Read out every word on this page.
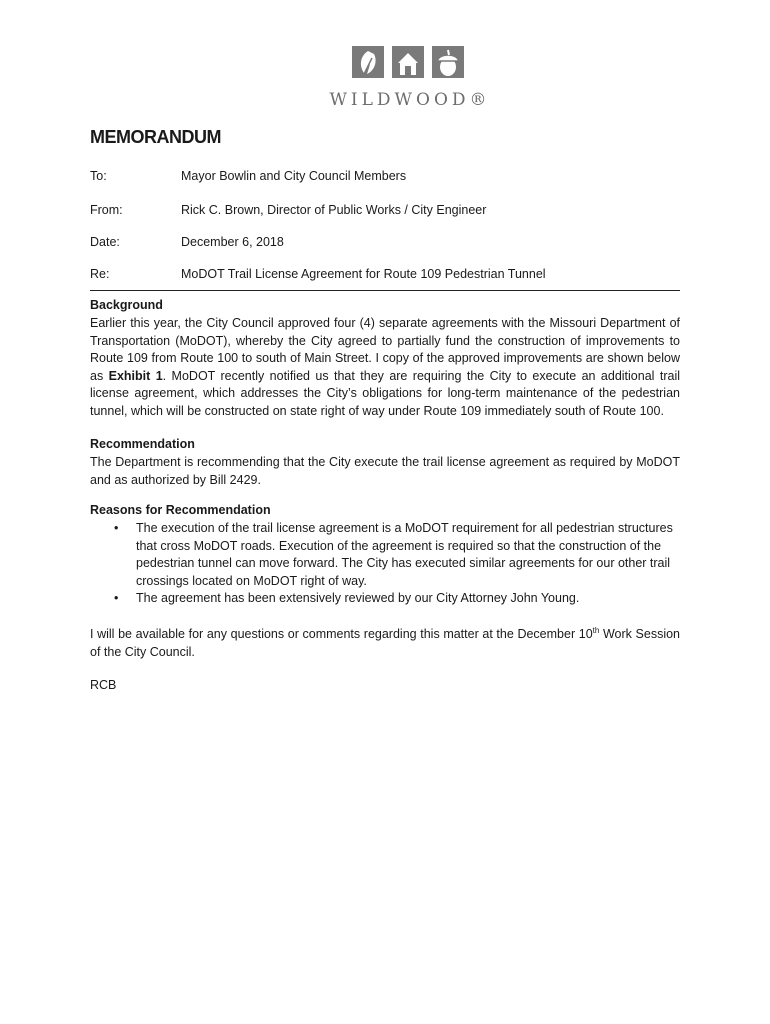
WILDWOOD®
MEMORANDUM
To:	Mayor Bowlin and City Council Members
From:	Rick C. Brown, Director of Public Works / City Engineer
Date:	December 6, 2018
Re:	MoDOT Trail License Agreement for Route 109 Pedestrian Tunnel
Background
Earlier this year, the City Council approved four (4) separate agreements with the Missouri Department of Transportation (MoDOT), whereby the City agreed to partially fund the construction of improvements to Route 109 from Route 100 to south of Main Street. I copy of the approved improvements are shown below as Exhibit 1. MoDOT recently notified us that they are requiring the City to execute an additional trail license agreement, which addresses the City’s obligations for long-term maintenance of the pedestrian tunnel, which will be constructed on state right of way under Route 109 immediately south of Route 100.
Recommendation
The Department is recommending that the City execute the trail license agreement as required by MoDOT and as authorized by Bill 2429.
Reasons for Recommendation
• The execution of the trail license agreement is a MoDOT requirement for all pedestrian structures that cross MoDOT roads. Execution of the agreement is required so that the construction of the pedestrian tunnel can move forward. The City has executed similar agreements for our other trail crossings located on MoDOT right of way.
• The agreement has been extensively reviewed by our City Attorney John Young.
I will be available for any questions or comments regarding this matter at the December 10th Work Session of the City Council.
RCB
